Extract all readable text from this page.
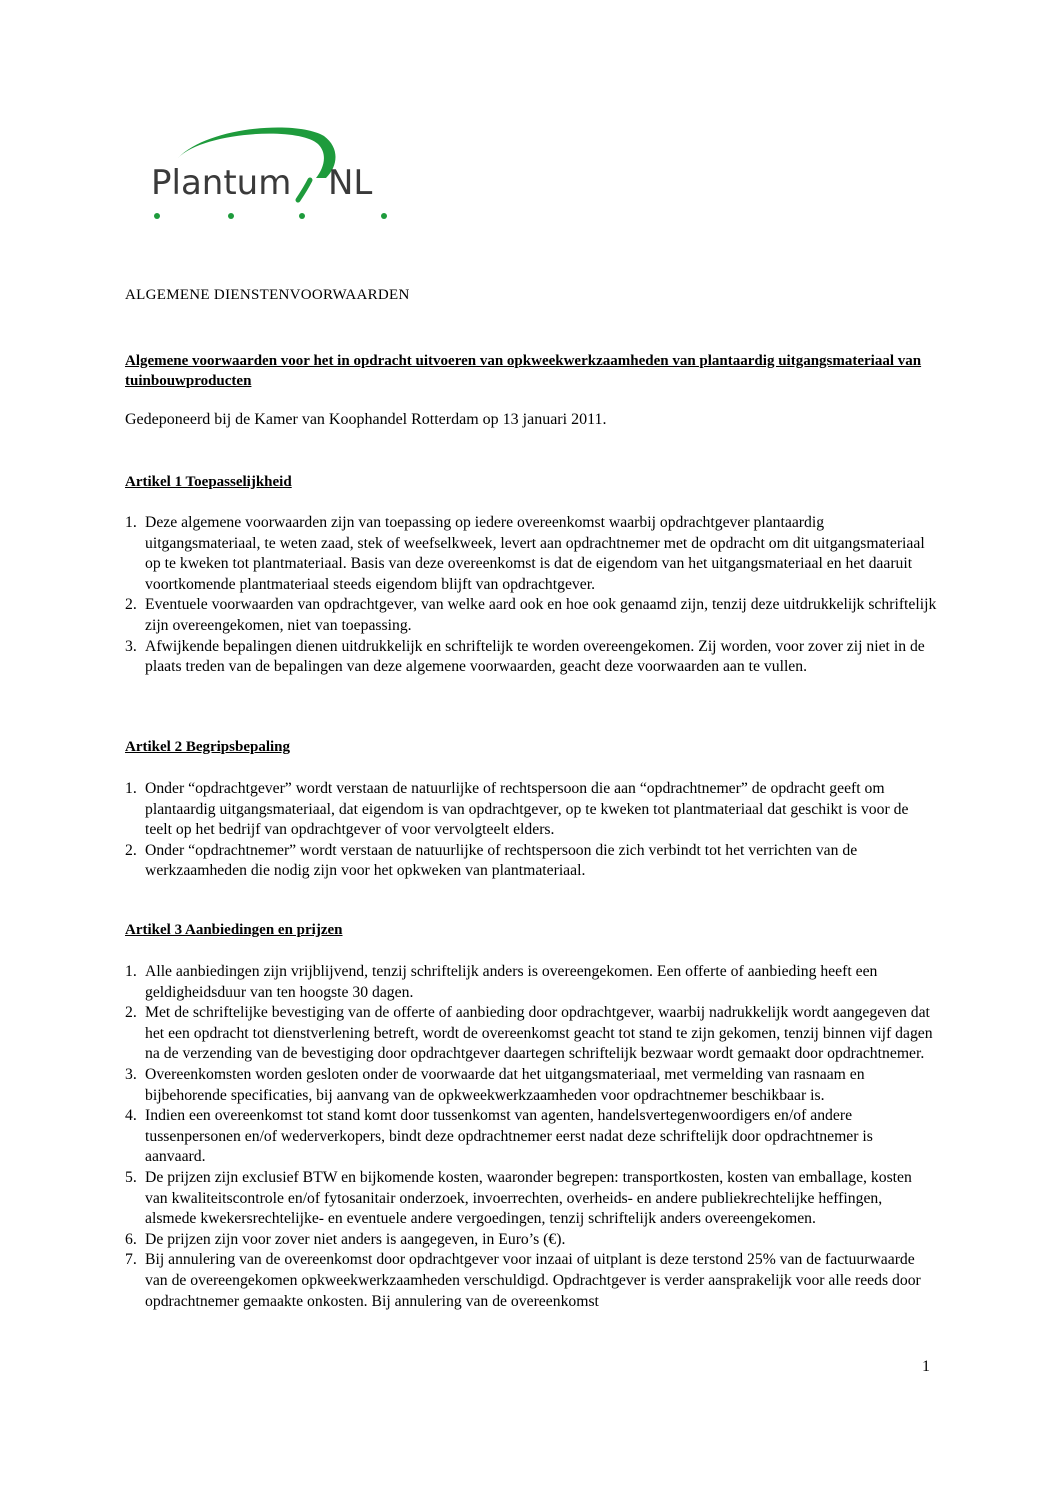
Plantum NL
ALGEMENE DIENSTENVOORWAARDEN
Algemene voorwaarden voor het in opdracht uitvoeren van opkweekwerkzaamheden van plantaardig uitgangsmateriaal van tuinbouwproducten
Gedeponeerd bij de Kamer van Koophandel Rotterdam op 13 januari 2011.
Artikel 1 Toepasselijkheid
1. Deze algemene voorwaarden zijn van toepassing op iedere overeenkomst waarbij opdrachtgever plantaardig uitgangsmateriaal, te weten zaad, stek of weefselkweek, levert aan opdrachtnemer met de opdracht om dit uitgangsmateriaal op te kweken tot plantmateriaal. Basis van deze overeenkomst is dat de eigendom van het uitgangsmateriaal en het daaruit voortkomende plantmateriaal steeds eigendom blijft van opdrachtgever.
2. Eventuele voorwaarden van opdrachtgever, van welke aard ook en hoe ook genaamd zijn, tenzij deze uitdrukkelijk schriftelijk zijn overeengekomen, niet van toepassing.
3. Afwijkende bepalingen dienen uitdrukkelijk en schriftelijk te worden overeengekomen. Zij worden, voor zover zij niet in de plaats treden van de bepalingen van deze algemene voorwaarden, geacht deze voorwaarden aan te vullen.
Artikel 2 Begripsbepaling
1. Onder “opdrachtgever” wordt verstaan de natuurlijke of rechtspersoon die aan “opdrachtnemer” de opdracht geeft om plantaardig uitgangsmateriaal, dat eigendom is van opdrachtgever, op te kweken tot plantmateriaal dat geschikt is voor de teelt op het bedrijf van opdrachtgever of voor vervolgteelt elders.
2. Onder “opdrachtnemer” wordt verstaan de natuurlijke of rechtspersoon die zich verbindt tot het verrichten van de werkzaamheden die nodig zijn voor het opkweken van plantmateriaal.
Artikel 3 Aanbiedingen en prijzen
1. Alle aanbiedingen zijn vrijblijvend, tenzij schriftelijk anders is overeengekomen. Een offerte of aanbieding heeft een geldigheidsduur van ten hoogste 30 dagen.
2. Met de schriftelijke bevestiging van de offerte of aanbieding door opdrachtgever, waarbij nadrukkelijk wordt aangegeven dat het een opdracht tot dienstverlening betreft, wordt de overeenkomst geacht tot stand te zijn gekomen, tenzij binnen vijf dagen na de verzending van de bevestiging door opdrachtgever daartegen schriftelijk bezwaar wordt gemaakt door opdrachtnemer.
3. Overeenkomsten worden gesloten onder de voorwaarde dat het uitgangsmateriaal, met vermelding van rasnaam en bijbehorende specificaties, bij aanvang van de opkweekwerkzaamheden voor opdrachtnemer beschikbaar is.
4. Indien een overeenkomst tot stand komt door tussenkomst van agenten, handelsvertegenwoordigers en/of andere tussenpersonen en/of wederverkopers, bindt deze opdrachtnemer eerst nadat deze schriftelijk door opdrachtnemer is aanvaard.
5. De prijzen zijn exclusief BTW en bijkomende kosten, waaronder begrepen: transportkosten, kosten van emballage, kosten van kwaliteitscontrole en/of fytosanitair onderzoek, invoerrechten, overheids- en andere publiekrechtelijke heffingen, alsmede kwekersrechtelijke- en eventuele andere vergoedingen, tenzij schriftelijk anders overeengekomen.
6. De prijzen zijn voor zover niet anders is aangegeven, in Euro’s (€).
7. Bij annulering van de overeenkomst door opdrachtgever voor inzaai of uitplant is deze terstond 25% van de factuurwaarde van de overeengekomen opkweekwerkzaamheden verschuldigd. Opdrachtgever is verder aansprakelijk voor alle reeds door opdrachtnemer gemaakte onkosten. Bij annulering van de overeenkomst
1
